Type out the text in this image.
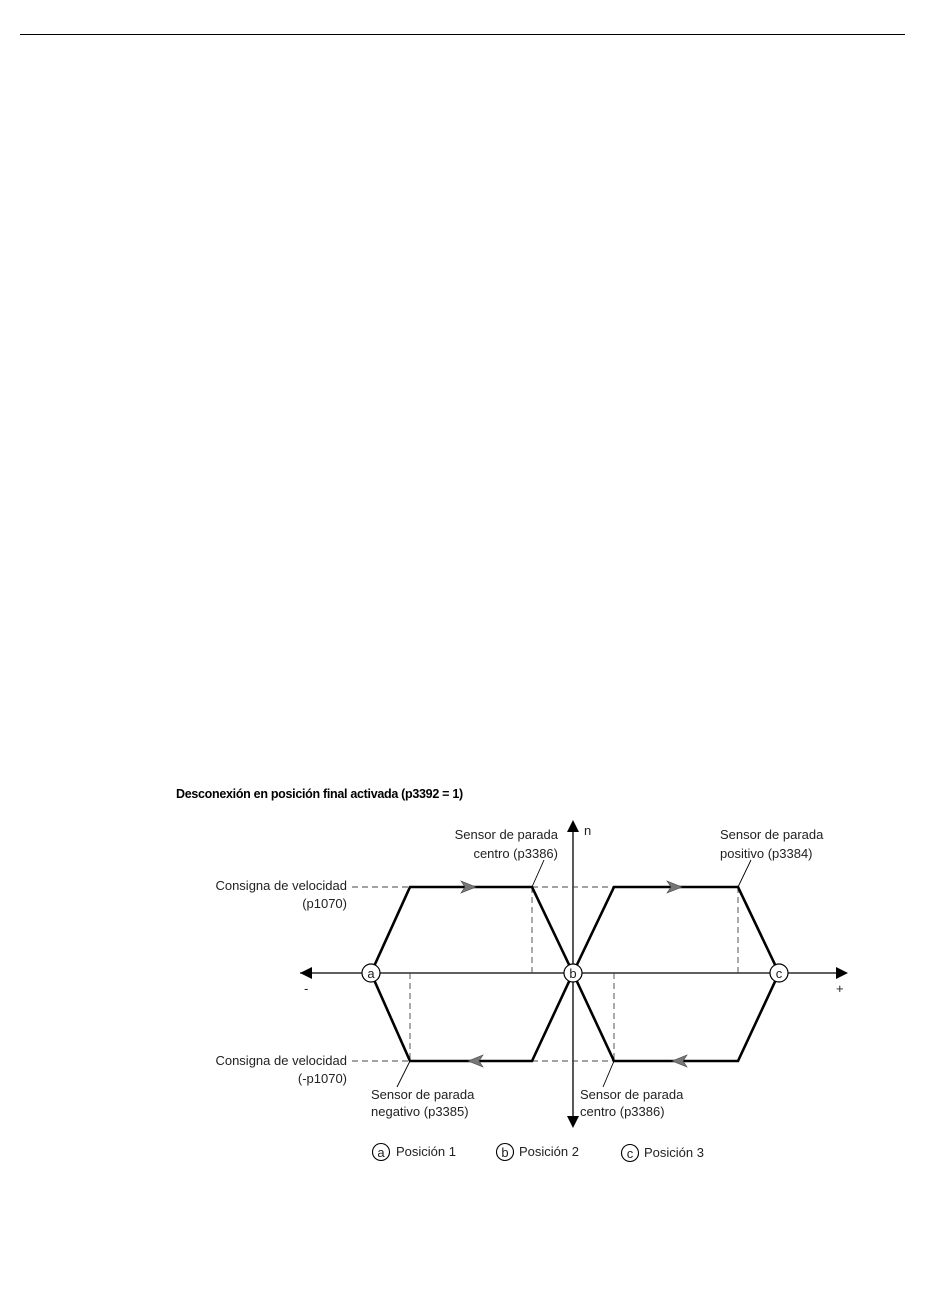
Desconexión en posición final activada (p3392 = 1)
a	b	c
n
-	+
Sensor de parada
centro (p3386)
Sensor de parada
positivo (p3384)
Consigna de velocidad
(p1070)
Consigna de velocidad
(-p1070)
Sensor de parada
negativo (p3385)
Sensor de parada
centro (p3386)
a Posición 1	b Posición 2	c Posición 3
